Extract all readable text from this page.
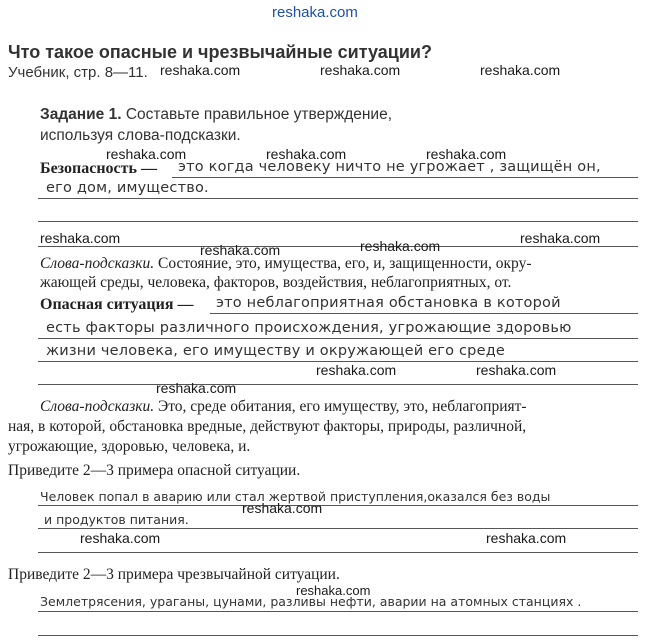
reshaka.com
Что такое опасные и чрезвычайные ситуации?
Учебник, стр. 8—11. reshaka.com	reshaka.com	reshaka.com
Задание 1. Составьте правильное утверждение,
используя слова-подсказки.
reshaka.com	reshaka.com	reshaka.com
Безопасность — это когда человеку ничто не угрожает , защищён он,
его дом, имущество.
reshaka.com	reshaka.com
reshaka.com	reshaka.com
Слова-подсказки. Состояние, это, имущества, его, и, защищенности, окру-
жающей среды, человека, факторов, воздействия, неблагоприятных, от.
Опасная ситуация — это неблагоприятная обстановка в которой
есть факторы различного происхождения, угрожающие здоровью
жизни человека, его имуществу и окружающей его среде
reshaka.com	reshaka.com
reshaka.com
Слова-подсказки. Это, среде обитания, его имуществу, это, неблагоприят-
ная, в которой, обстановка вредные, действуют факторы, природы, различной,
угрожающие, здоровью, человека, и.
Приведите 2—3 примера опасной ситуации.
Человек попал в аварию или стал жертвой приступления,оказался без воды
reshaka.com
и продуктов питания.
reshaka.com	reshaka.com
Приведите 2—3 примера чрезвычайной ситуации.
reshaka.com
Землетрясения, ураганы, цунами, разливы нефти, аварии на атомных станциях .
